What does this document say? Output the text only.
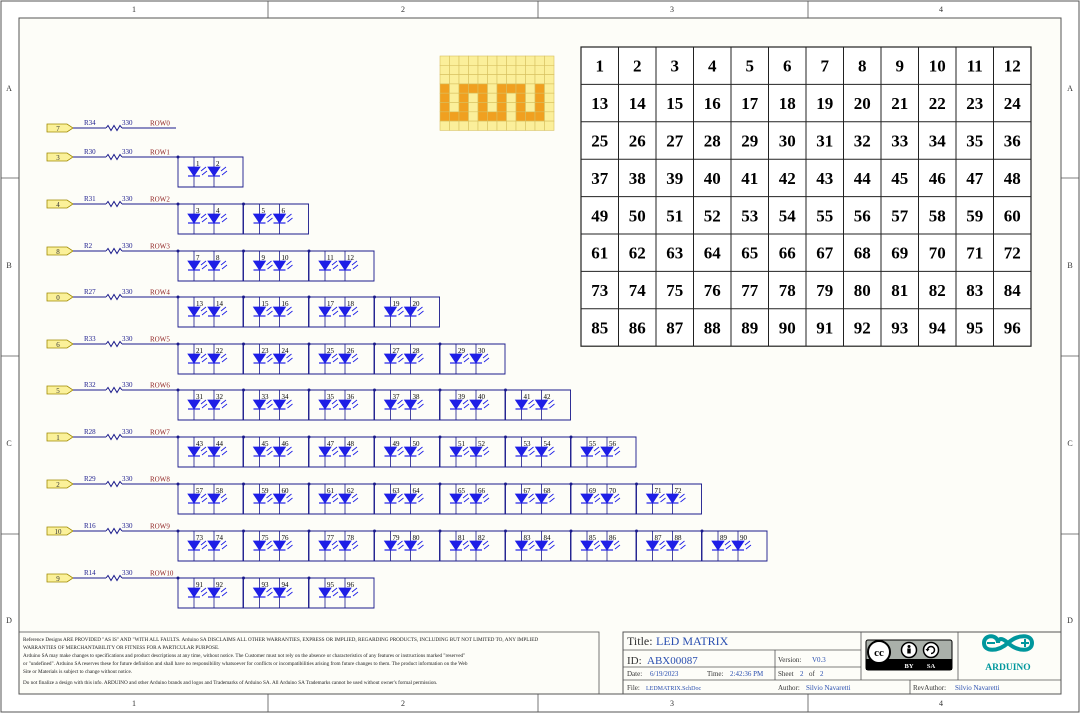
1
1
2
2
3
3
4
4
A	A
B	B
C	C
D	D
1 2 3 4 5 6 7 8 9 10 11 12
13 14 15 16 17 18 19 20 21 22 23 24
25 26 27 28 29 30 31 32 33 34 35 36
37 38 39 40 41 42 43 44 45 46 47 48
49 50 51 52 53 54 55 56 57 58 59 60
61 62 63 64 65 66 67 68 69 70 71 72
73 74 75 76 77 78 79 80 81 82 83 84
85 86 87 88 89 90 91 92 93 94 95 96
7
R34	330	ROW0
3
R30	330	ROW1
4
R31	330	ROW2
8
R2	330	ROW3
0
R27	330	ROW4
6
R33	330	ROW5
5
R32	330	ROW6
1
R28	330	ROW7
2
R29	330	ROW8
10
R16	330	ROW9
9
R14	330	ROW10
1 2
3 4	5 6
7 8	9 10	11 12
13 14	15 16	17 18	19 20
21 22	23 24	25 26	27 28	29 30
31 32	33 34	35 36	37 38	39 40	41 42
43 44	45 46	47 48	49 50	51 52	53 54	55 56
57 58	59 60	61 62	63 64	65 66	67 68	69 70	71 72
73 74	75 76	77 78	79 80	81 82	83 84	85 86	87 88	89 90
91 92	93 94	95 96
Reference Designs ARE PROVIDED "AS IS" AND "WITH ALL FAULTS. Arduino SA DISCLAIMS ALL OTHER WARRANTIES, EXPRESS OR IMPLIED, REGARDING PRODUCTS, INCLUDING BUT NOT LIMITED TO, ANY IMPLIED
WARRANTIES OF MERCHANTABILITY OR FITNESS FOR A PARTICULAR PURPOSE.
Arduino SA may make changes to specifications and product descriptions at any time, without notice. The Customer must not rely on the absence or characteristics of any features or instructions marked "reserved"
or "undefined". Arduino SA reserves these for future definition and shall have no responsibility whatsoever for conflicts or incompatibilities arising from future changes to them. The product information on the Web
Site or Materials is subject to change without notice.
Do not finalize a design with this info. ARDUINO and other Arduino brands and logos and Trademarks of Arduino SA. All Arduino SA Trademarks cannot be used without owner's formal permission.
Title: LED MATRIX
ID: ABX00087	Version: V0.3
Date: 6/19/2023	Time: 2:42:36 PM Sheet 2 of 2
File: LEDMATRIX.SchDoc	Author: Silvio Navaretti	RevAuthor: Silvio Navaretti
cc
BY SA	ARDUINO
